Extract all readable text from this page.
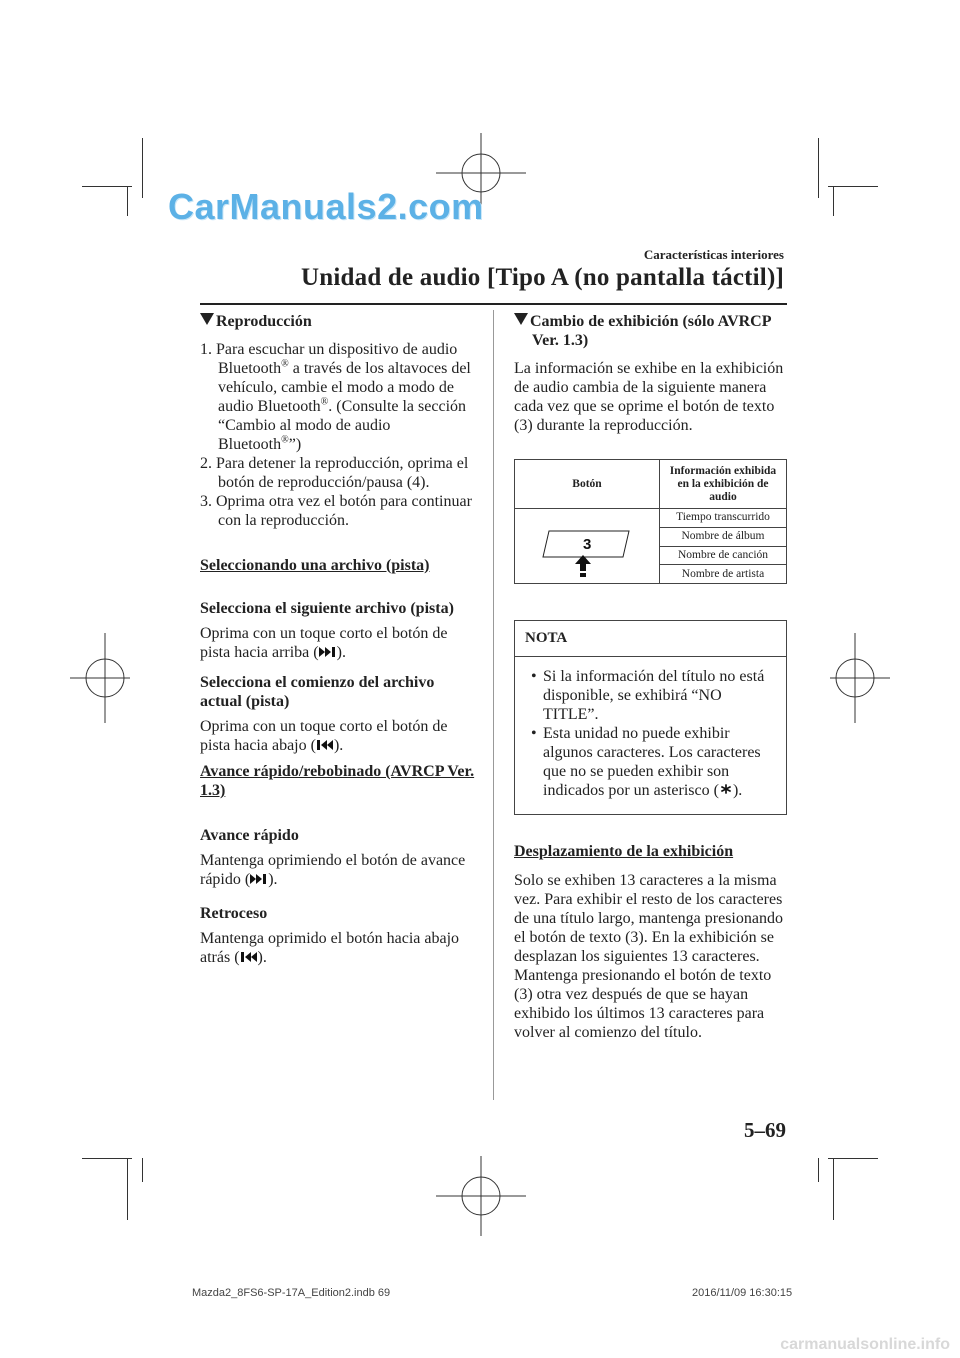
CarManuals2.com
Características interiores
Unidad de audio [Tipo A (no pantalla táctil)]
Reproducción
1. Para escuchar un dispositivo de audio Bluetooth® a través de los altavoces del vehículo, cambie el modo a modo de audio Bluetooth®. (Consulte la sección “Cambio al modo de audio Bluetooth®”)
2. Para detener la reproducción, oprima el botón de reproducción/pausa (4).
3. Oprima otra vez el botón para continuar con la reproducción.

Seleccionando una archivo (pista)

Selecciona el siguiente archivo (pista)

Oprima con un toque corto el botón de pista hacia arriba ( ).

Selecciona el comienzo del archivo actual (pista)

Oprima con un toque corto el botón de pista hacia abajo ( ).

Avance rápido/rebobinado (AVRCP Ver. 1.3)

Avance rápido

Mantenga oprimiendo el botón de avance rápido ( ).

Retroceso

Mantenga oprimido el botón hacia abajo atrás ( ).

Cambio de exhibición (sólo AVRCP Ver. 1.3)

La información se exhibe en la exhibición de audio cambia de la siguiente manera cada vez que se oprime el botón de texto (3) durante la reproducción.

Botón	Información exhibida en la exhibición de audio

3	Tiempo transcurrido
	Nombre de álbum
	Nombre de canción
	Nombre de artista
NOTA
• Si la información del título no está disponible, se exhibirá “NO TITLE”.
• Esta unidad no puede exhibir algunos caracteres. Los caracteres que no se pueden exhibir son indicados por un asterisco ( ).

Desplazamiento de la exhibición

Solo se exhiben 13 caracteres a la misma vez. Para exhibir el resto de los caracteres de una título largo, mantenga presionando el botón de texto (3). En la exhibición se desplazan los siguientes 13 caracteres. Mantenga presionando el botón de texto (3) otra vez después de que se hayan exhibido los últimos 13 caracteres para volver al comienzo del título.

5–69
Mazda2_8FS6-SP-17A_Edition2.indb 69	2016/11/09 16:30:15
carmanualsonline.info
